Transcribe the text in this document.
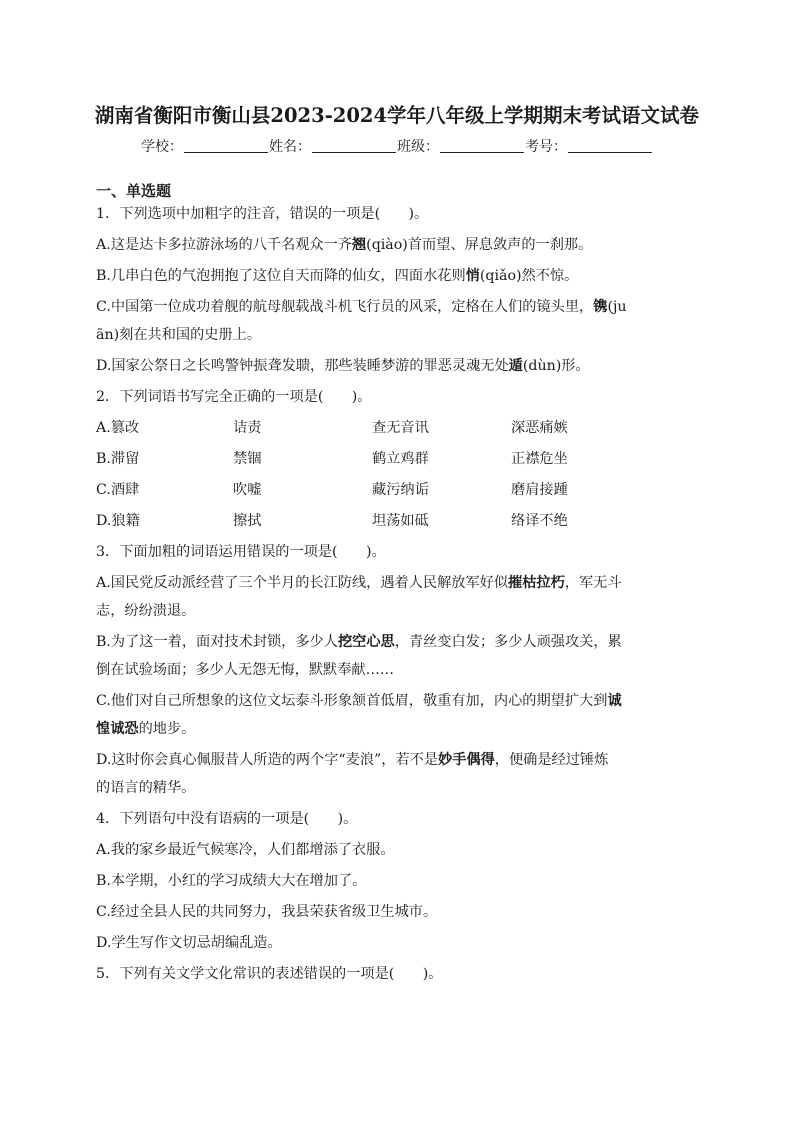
湖南省衡阳市衡山县2023-2024学年八年级上学期期末考试语文试卷
学校：	姓名：	班级：	考号：
一、单选题
1．下列选项中加粗字的注音，错误的一项是(　　)。
A.这是达卡多拉游泳场的八千名观众一齐翘(qiào)首而望、屏息敛声的一刹那。
B.几串白色的气泡拥抱了这位自天而降的仙女，四面水花则悄(qiǎo)然不惊。
C.中国第一位成功着舰的航母舰载战斗机飞行员的风采，定格在人们的镜头里，镌(ju
ān)刻在共和国的史册上。
D.国家公祭日之长鸣警钟振聋发聩，那些装睡梦游的罪恶灵魂无处遁(dùn)形。
2．下列词语书写完全正确的一项是(　　)。
A.篡改	诘责	查无音讯	深恶痛嫉
B.滞留	禁锢	鹤立鸡群	正襟危坐
C.酒肆	吹嘘	藏污纳诟	磨肩接踵
D.狼籍	擦拭	坦荡如砥	络译不绝
3．下面加粗的词语运用错误的一项是(　　)。
A.国民党反动派经营了三个半月的长江防线，遇着人民解放军好似摧枯拉朽，军无斗
志，纷纷溃退。
B.为了这一着，面对技术封锁，多少人挖空心思，青丝变白发；多少人顽强攻关，累
倒在试验场面；多少人无怨无悔，默默奉献……
C.他们对自己所想象的这位文坛泰斗形象颔首低眉，敬重有加，内心的期望扩大到诚
惶诚恐的地步。
D.这时你会真心佩服昔人所造的两个字“麦浪”，若不是妙手偶得，便确是经过锤炼
的语言的精华。
4．下列语句中没有语病的一项是(　　)。
A.我的家乡最近气候寒冷，人们都增添了衣服。
B.本学期，小红的学习成绩大大在增加了。
C.经过全县人民的共同努力，我县荣获省级卫生城市。
D.学生写作文切忌胡编乱造。
5．下列有关文学文化常识的表述错误的一项是(　　)。
